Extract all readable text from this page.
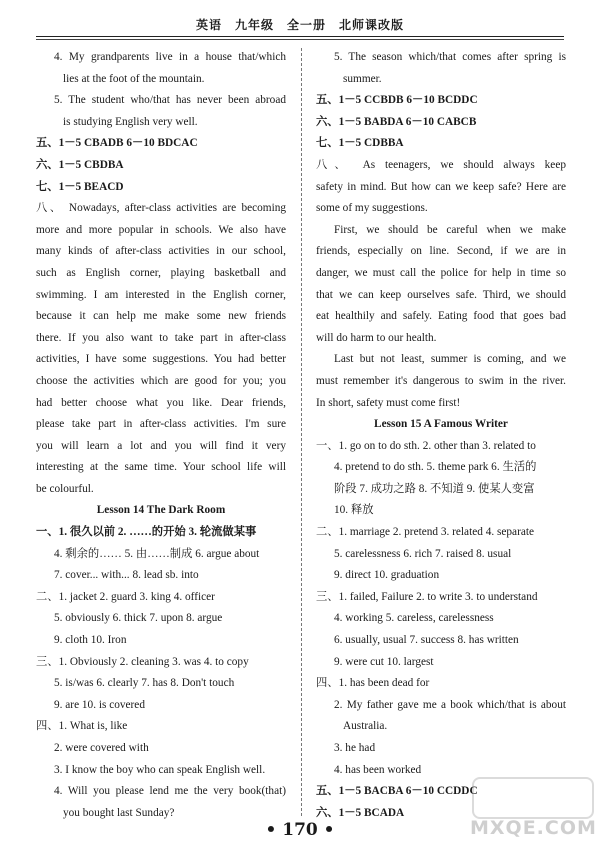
英语 九年级 全一册 北师课改版
4. My grandparents live in a house that/which
lies at the foot of the mountain.
5. The student who/that has never been abroad
is studying English very well.
五、1－5 CBADB 6－10 BDCAC
六、1－5 CBDBA
七、1－5 BEACD
八、 Nowadays, after-class activities are becoming
more and more popular in schools. We also have
many kinds of after-class activities in our school,
such as English corner, playing basketball and
swimming. I am interested in the English corner,
because it can help me make some new friends
there. If you also want to take part in after-class
activities, I have some suggestions. You had better
choose the activities which are good for you; you
had better choose what you like. Dear friends,
please take part in after-class activities. I'm sure
you will learn a lot and you will find it very
interesting at the same time. Your school life will
be colourful.
Lesson 14 The Dark Room
一、1. 很久以前 2. ……的开始 3. 轮流做某事
4. 剩余的…… 5. 由……制成 6. argue about
7. cover... with... 8. lead sb. into
二、1. jacket 2. guard 3. king 4. officer
5. obviously 6. thick 7. upon 8. argue
9. cloth 10. Iron
三、1. Obviously 2. cleaning 3. was 4. to copy
5. is/was 6. clearly 7. has 8. Don't touch
9. are 10. is covered
四、1. What is, like
2. were covered with
3. I know the boy who can speak English well.
4. Will you please lend me the very book(that)
you bought last Sunday?
5. The season which/that comes after spring is
summer.
五、1－5 CCBDB 6－10 BCDDC
六、1－5 BABDA 6－10 CABCB
七、1－5 CDBBA
八、 As teenagers, we should always keep
safety in mind. But how can we keep safe? Here are
some of my suggestions.
First, we should be careful when we make
friends, especially on line. Second, if we are in
danger, we must call the police for help in time so
that we can keep ourselves safe. Third, we should
eat healthily and safely. Eating food that goes bad
will do harm to our health.
Last but not least, summer is coming, and we
must remember it's dangerous to swim in the river.
In short, safety must come first!
Lesson 15 A Famous Writer
一、1. go on to do sth. 2. other than 3. related to
4. pretend to do sth. 5. theme park 6. 生活的
阶段 7. 成功之路 8. 不知道 9. 使某人变富
10. 释放
二、1. marriage 2. pretend 3. related 4. separate
5. carelessness 6. rich 7. raised 8. usual
9. direct 10. graduation
三、1. failed, Failure 2. to write 3. to understand
4. working 5. careless, carelessness
6. usually, usual 7. success 8. has written
9. were cut 10. largest
四、1. has been dead for
2. My father gave me a book which/that is about
Australia.
3. he had
4. has been worked
五、1－5 BACBA 6－10 CCDDC
六、1－5 BCADA
• 170 •	MXQE.COM
